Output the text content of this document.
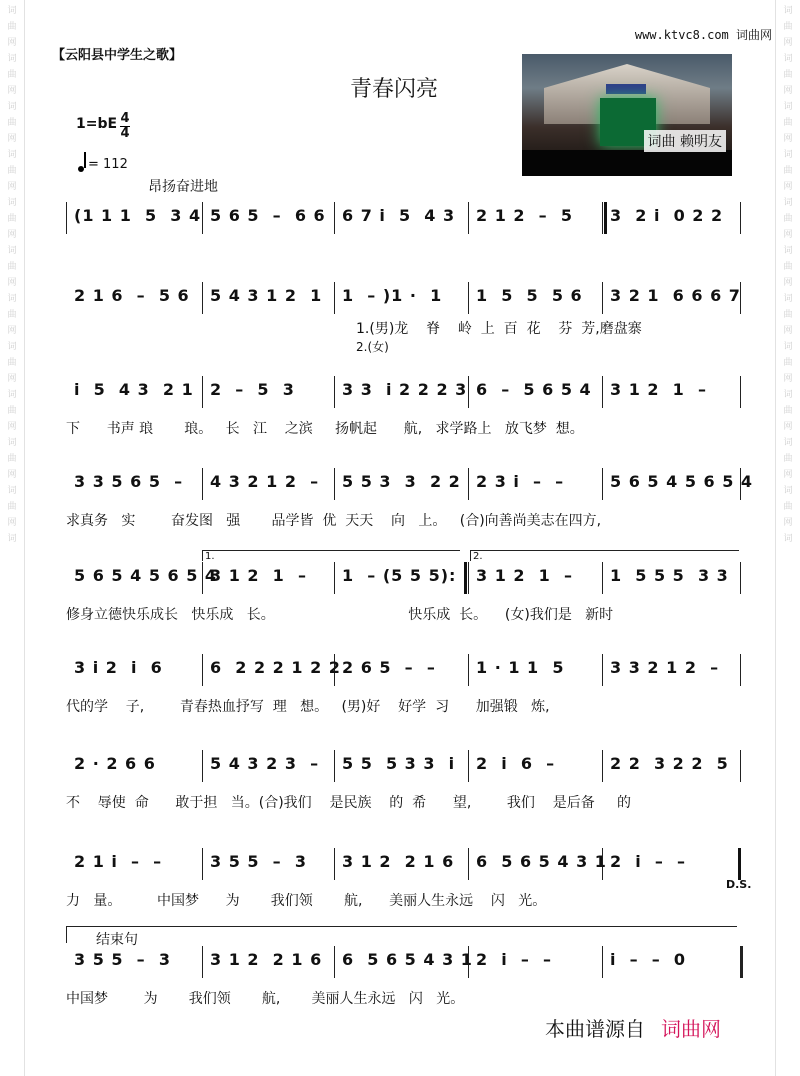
词
曲
网
词
曲
网
词
曲
网
词
曲
网
词
曲
网
词
曲
网
词
曲
网
词
曲
网
词
曲
网
词
曲
网
词
曲
网
词
词
曲
网
词
曲
网
词
曲
网
词
曲
网
词
曲
网
词
曲
网
词
曲
网
词
曲
网
词
曲
网
词
曲
网
词
曲
网
词
www.ktvc8.com 词曲网
【云阳县中学生之歌】
青春闪亮
词曲 赖明友
1=bE 4
4
= 112
昂扬奋进地
(1 1 1  5  3 4 5 6 5  –  6 6 6 7 i  5  4 3 2 1 2  –  5 3  2 i  0 2 2
2 1 6  –  5 6 5 4 3 1 2  1 1  – )1 ·  1 1  5  5  5 6 3 2 1  6 6 6 7
1.(男)龙    脊    岭  上  百  花    芬  芳,磨盘寨
2.(女)
i  5  4 3  2 1 2  –  5  3	3 3  i 2 2 2 3 6  –  5 6 5 4 3 1 2  1  –
下      书声 琅       琅。   长   江    之滨     扬帆起      航,   求学路上   放飞梦  想。
3 3 5 6 5  – 4 3 2 1 2  – 5 5 3  3  2 2 2 3 i  –  –	5 6 5 4 5 6 5 4
求真务   实        奋发图   强       品学皆  优  天天    向   上。   (合)向善尚美志在四方,
5 6 5 4 5 6 5 4
3 1 2  1  – 1  – (5 5 5): 3 1 2  1  – 1  5 5 5  3 3
修身立德快乐成长   快乐成   长。                              快乐成  长。    (女)我们是   新时
1.	2.
3 i 2  i  6	6  2 2 2 1 2 2 2 6 5  –  –	1 · 1 1  5	3 3 2 1 2  –
代的学    子,        青春热血抒写  理   想。   (男)好    好学  习      加强锻   炼,
2 · 2 6 6	5 4 3 2 3  – 5 5  5 3 3  i 2  i  6  –	2 2  3 2 2  5
不    辱使  命      敢于担   当。(合)我们    是民族    的  希      望,        我们    是后备     的
2 1 i  –  –	3 5 5  –  3 3 1 2  2 1 6 6  5 6 5 4 3 1 2  i  –  –
力   量。        中国梦      为       我们领       航,      美丽人生永远    闪   光。
D.S.
3 5 5  –  3 3 1 2  2 1 6 6  5 6 5 4 3 1 2  i  –  –	i  –  –  0
中国梦        为       我们领       航,       美丽人生永远   闪   光。
结束句
本曲谱源自 词曲网
